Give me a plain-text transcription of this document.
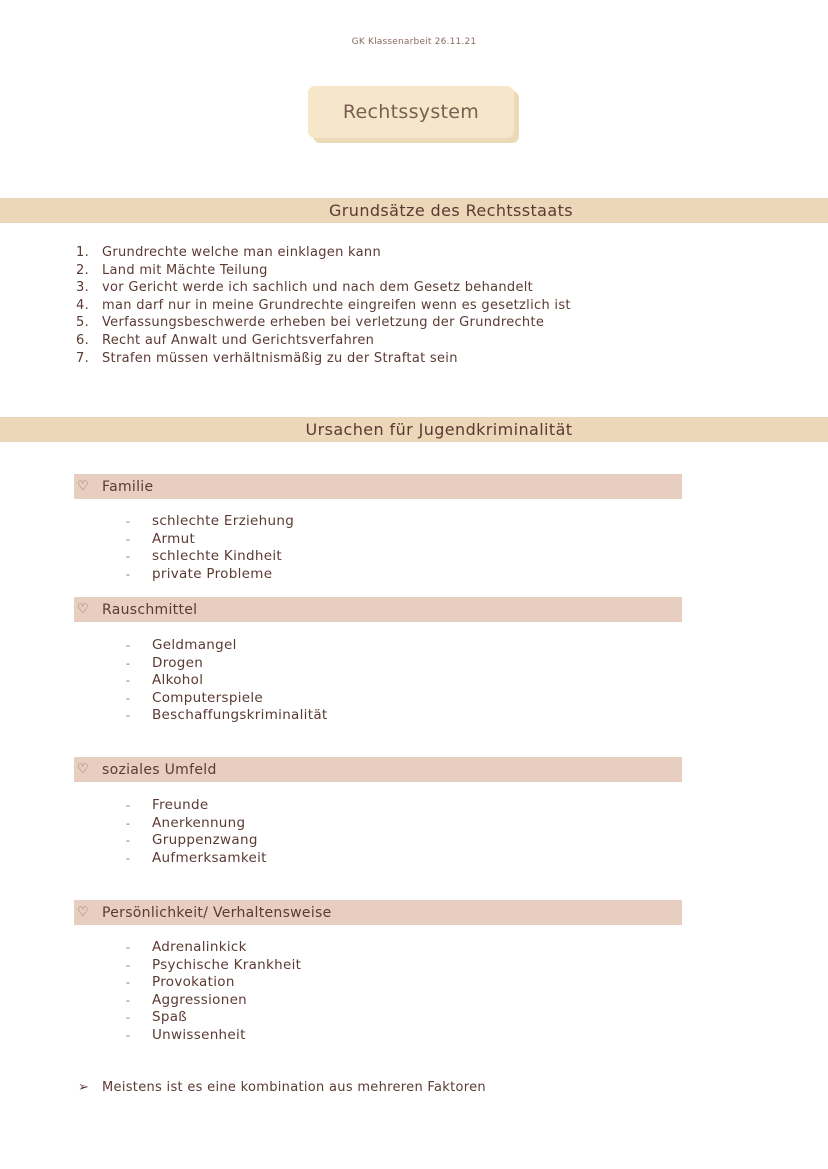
GK Klassenarbeit 26.11.21
Rechtssystem
Grundsätze des Rechtsstaats
1. Grundrechte welche man einklagen kann
2. Land mit Mächte Teilung
3. vor Gericht werde ich sachlich und nach dem Gesetz behandelt
4. man darf nur in meine Grundrechte eingreifen wenn es gesetzlich ist
5. Verfassungsbeschwerde erheben bei verletzung der Grundrechte
6. Recht auf Anwalt und Gerichtsverfahren
7. Strafen müssen verhältnismäßig zu der Straftat sein
Ursachen für Jugendkriminalität
♡ Familie
-	schlechte Erziehung
-	Armut
-	schlechte Kindheit
-	private Probleme
♡ Rauschmittel
-	Geldmangel
-	Drogen
-	Alkohol
-	Computerspiele
-	Beschaffungskriminalität
♡ soziales Umfeld
-	Freunde
-	Anerkennung
-	Gruppenzwang
-	Aufmerksamkeit
♡ Persönlichkeit/ Verhaltensweise
-	Adrenalinkick
-	Psychische Krankheit
-	Provokation
-	Aggressionen
-	Spaß
-	Unwissenheit
➢ Meistens ist es eine kombination aus mehreren Faktoren
